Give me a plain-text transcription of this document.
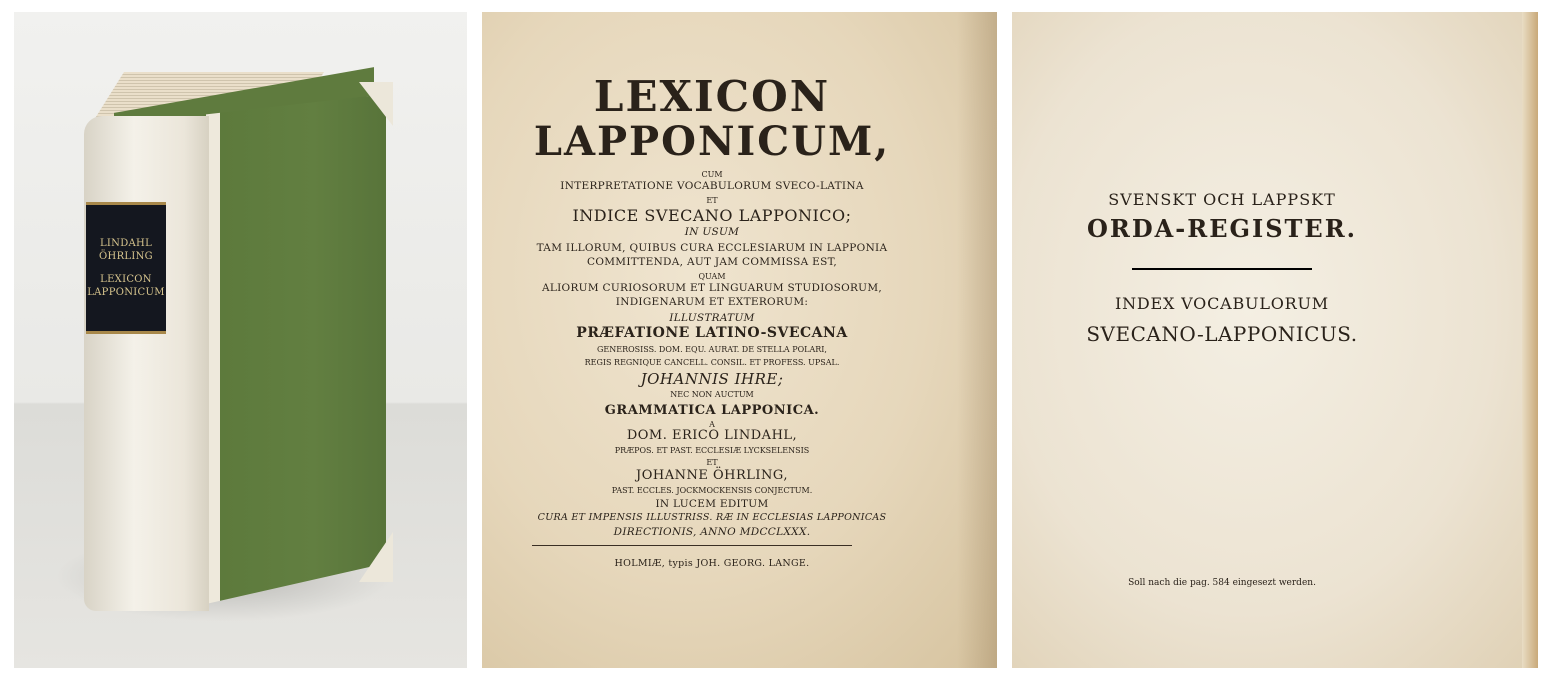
LINDAHL
ÖHRLING
LEXICON
LAPPONICUM
LEXICON
LAPPONICUM,
CUM
INTERPRETATIONE VOCABULORUM SVECO-LATINA
ET
INDICE SVECANO LAPPONICO;
IN USUM
TAM ILLORUM, QUIBUS CURA ECCLESIARUM IN LAPPONIA
COMMITTENDA, AUT JAM COMMISSA EST,
QUAM
ALIORUM CURIOSORUM ET LINGUARUM STUDIOSORUM,
INDIGENARUM ET EXTERORUM:
ILLUSTRATUM
PRÆFATIONE LATINO-SVECANA
GENEROSISS. DOM. EQU. AURAT. DE STELLA POLARI,
REGIS REGNIQUE CANCELL. CONSIL. ET PROFESS. UPSAL.
JOHANNIS IHRE;
NEC NON AUCTUM
GRAMMATICA LAPPONICA.
A
DOM. ERICO LINDAHL,
PRÆPOS. ET PAST. ECCLESIÆ LYCKSELENSIS
ET
JOHANNE ÖHRLING,
PAST. ECCLES. JOCKMOCKENSIS CONJECTUM.
IN LUCEM EDITUM
CURA ET IMPENSIS ILLUSTRISS. RÆ IN ECCLESIAS LAPPONICAS
DIRECTIONIS, ANNO MDCCLXXX.
HOLMIÆ, typis JOH. GEORG. LANGE.
SVENSKT OCH LAPPSKT
ORDA-REGISTER.
INDEX VOCABULORUM
SVECANO-LAPPONICUS.
Soll nach die pag. 584 eingesezt werden.
